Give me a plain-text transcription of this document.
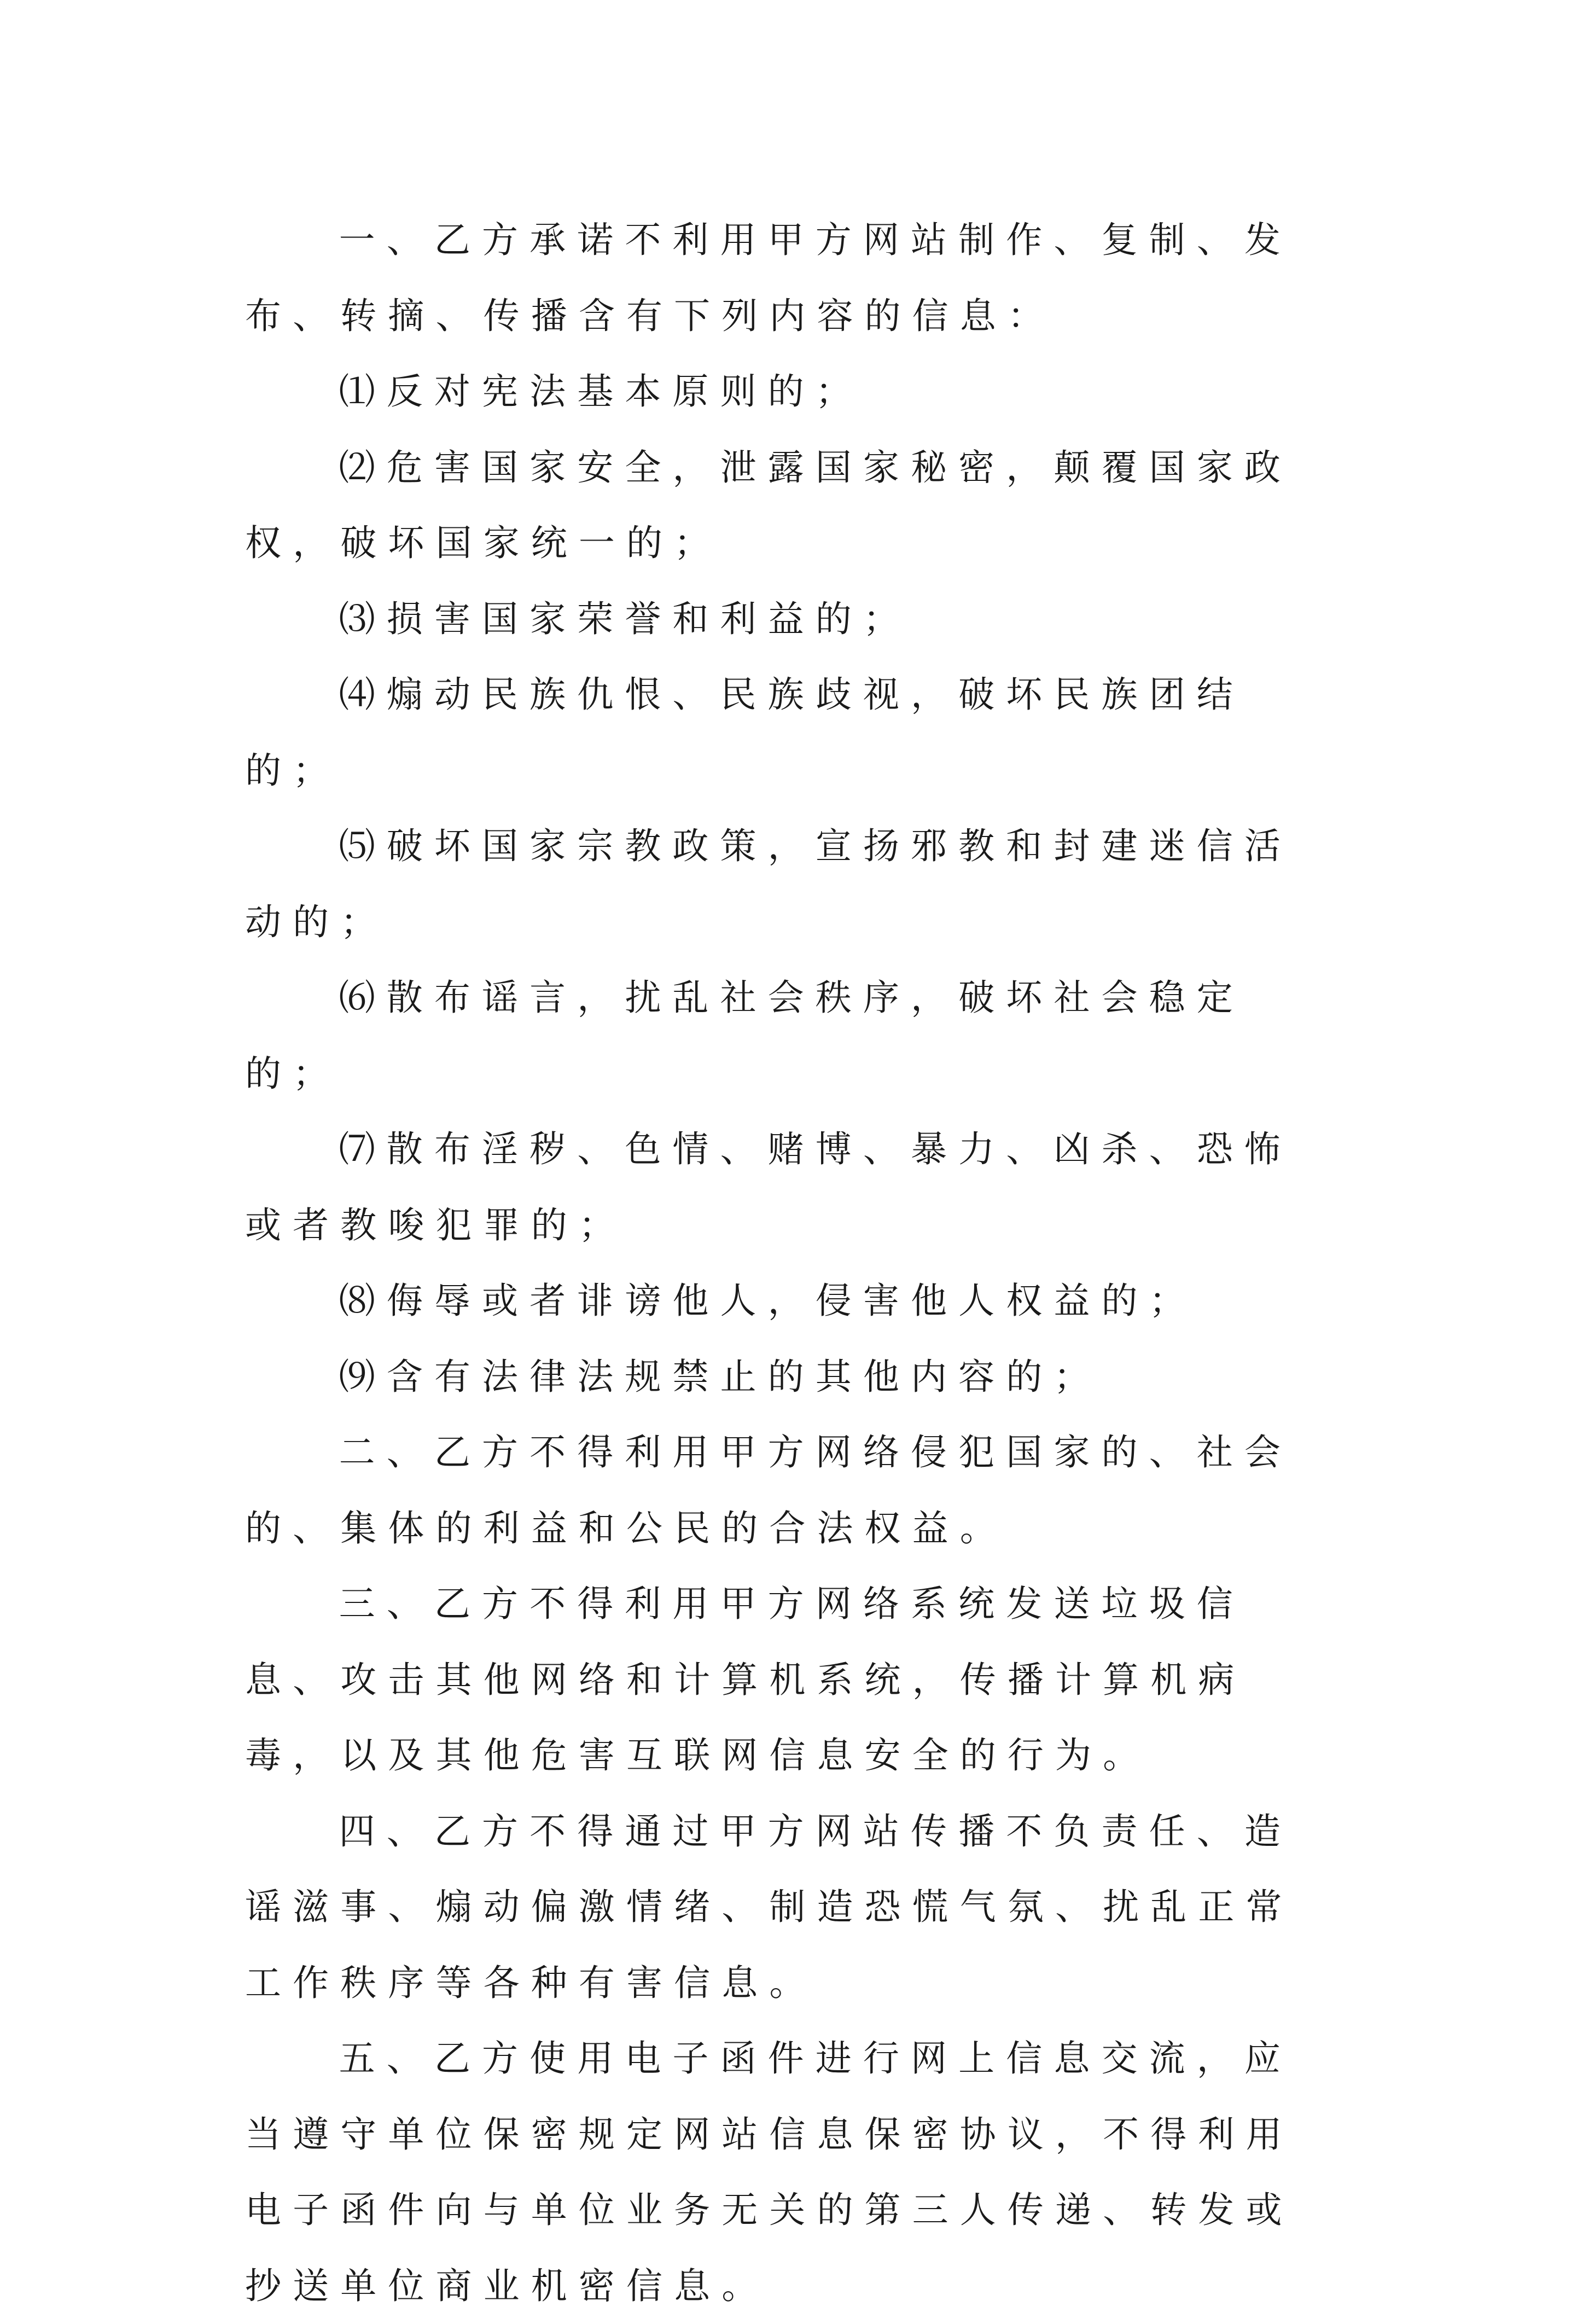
一、乙方承诺不利用甲方网站制作、复制、发布、转摘、传播含有下列内容的信息：

⑴反对宪法基本原则的；

⑵危害国家安全，泄露国家秘密，颠覆国家政权，破坏国家统一的；

⑶损害国家荣誉和利益的；

⑷煽动民族仇恨、民族歧视，破坏民族团结的；

⑸破坏国家宗教政策，宣扬邪教和封建迷信活动的；

⑹散布谣言，扰乱社会秩序，破坏社会稳定的；

⑺散布淫秽、色情、赌博、暴力、凶杀、恐怖或者教唆犯罪的；

⑻侮辱或者诽谤他人，侵害他人权益的；

⑼含有法律法规禁止的其他内容的；

二、乙方不得利用甲方网络侵犯国家的、社会的、集体的利益和公民的合法权益。

三、乙方不得利用甲方网络系统发送垃圾信息、攻击其他网络和计算机系统，传播计算机病毒，以及其他危害互联网信息安全的行为。

四、乙方不得通过甲方网站传播不负责任、造谣滋事、煽动偏激情绪、制造恐慌气氛、扰乱正常工作秩序等各种有害信息。

五、乙方使用电子函件进行网上信息交流，应当遵守单位保密规定网站信息保密协议，不得利用电子函件向与单位业务无关的第三人传递、转发或抄送单位商业机密信息。
